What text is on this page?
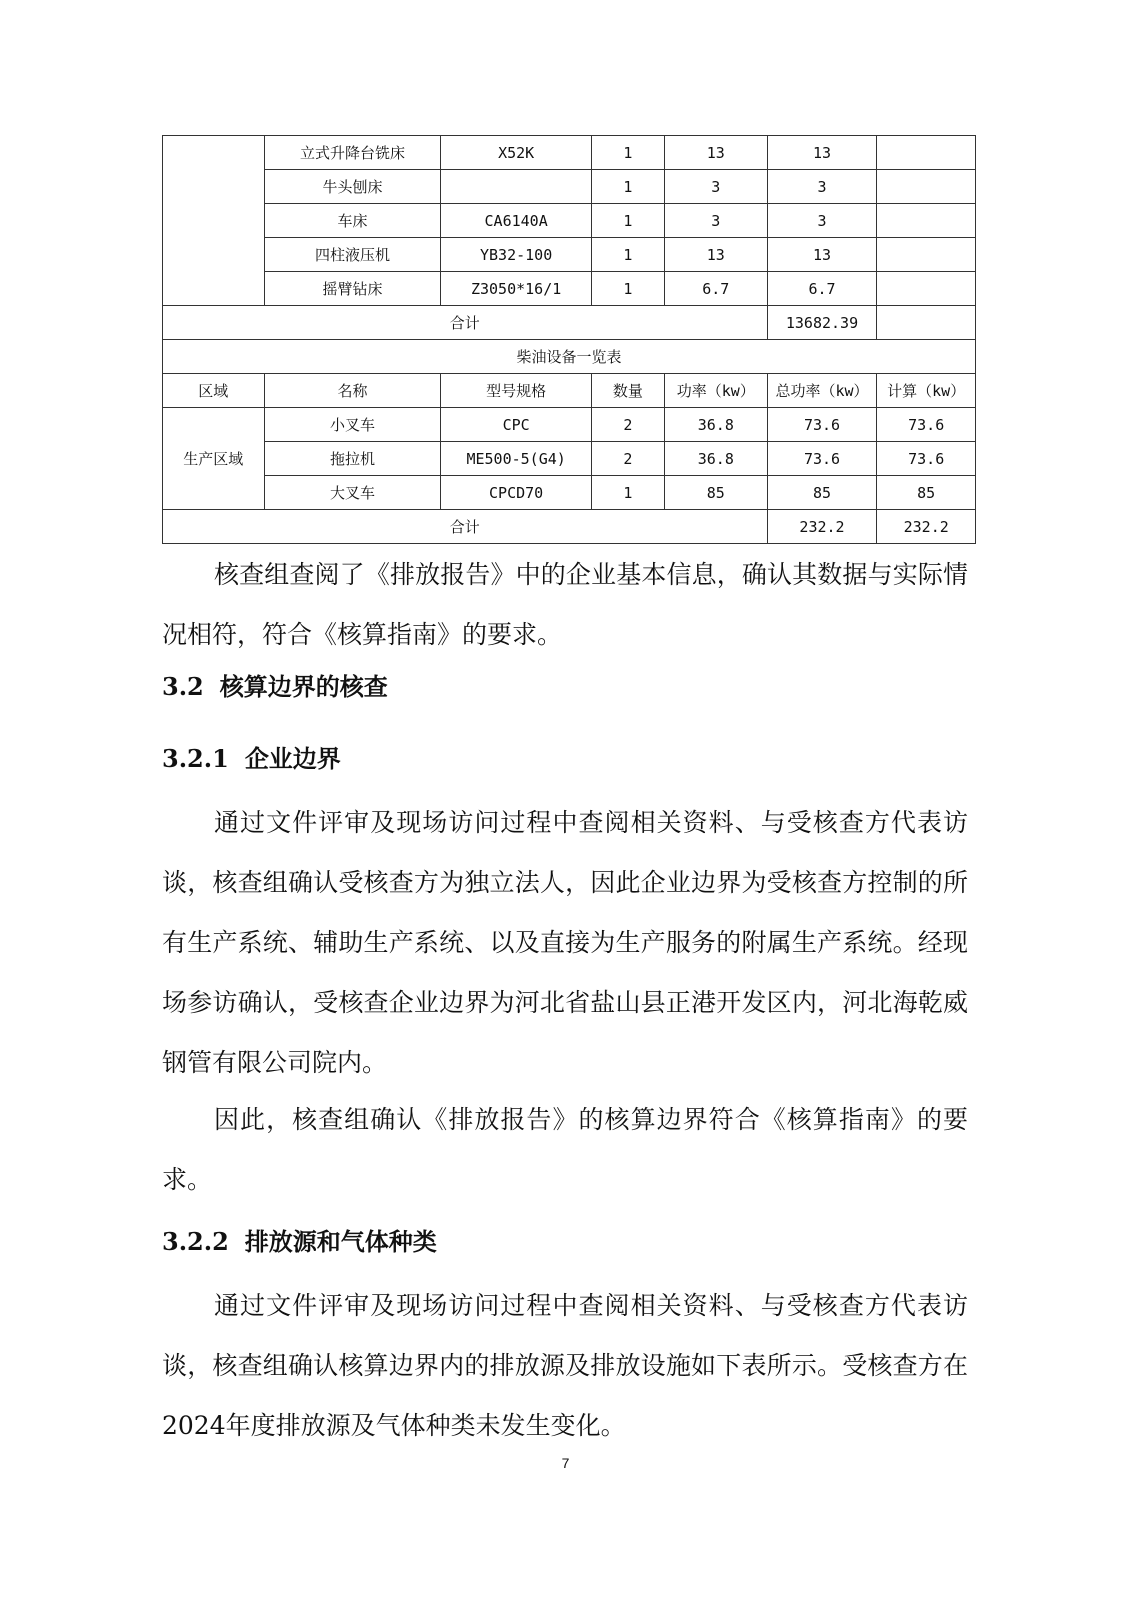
	立式升降台铣床	X52K	1	13	13	
	牛头刨床		1	3	3	
	车床	CA6140A	1	3	3	
	四柱液压机	YB32-100	1	13	13	
	摇臂钻床	Z3050*16/1	1	6.7	6.7	
合计					13682.39	
柴油设备一览表						
区域	名称	型号规格	数量	功率（kw）	总功率（kw）	计算（kw）
生产区域	小叉车	CPC	2	36.8	73.6	73.6
	拖拉机	ME500-5(G4)	2	36.8	73.6	73.6
	大叉车	CPCD70	1	85	85	85
合计					232.2	232.2

核查组查阅了《排放报告》中的企业基本信息，确认其数据与实际情况相符，符合《核算指南》的要求。

3.2 核算边界的核查
3.2.1 企业边界

通过文件评审及现场访问过程中查阅相关资料、与受核查方代表访谈，核查组确认受核查方为独立法人，因此企业边界为受核查方控制的所有生产系统、辅助生产系统、以及直接为生产服务的附属生产系统。经现场参访确认，受核查企业边界为河北省盐山县正港开发区内，河北海乾威钢管有限公司院内。

因此，核查组确认《排放报告》的核算边界符合《核算指南》的要求。

3.2.2 排放源和气体种类

通过文件评审及现场访问过程中查阅相关资料、与受核查方代表访谈，核查组确认核算边界内的排放源及排放设施如下表所示。受核查方在2024年度排放源及气体种类未发生变化。

7
